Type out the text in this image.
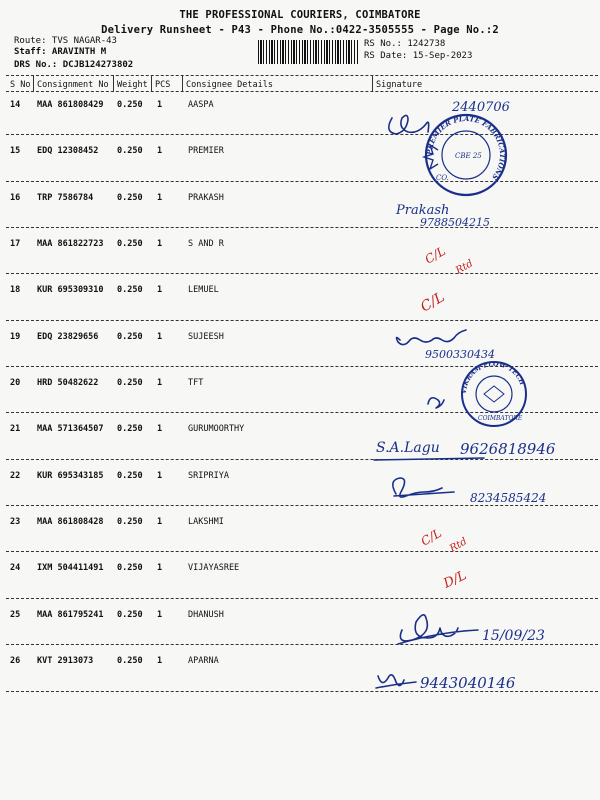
THE PROFESSIONAL COURIERS, COIMBATORE
Delivery Runsheet - P43 - Phone No.:0422-3505555 - Page No.:2
Route: TVS NAGAR-43
Staff: ARAVINTH M
DRS No.: DCJB124273802
RS No.: 1242738
RS Date: 15-Sep-2023
S No Consignment No Weight PCS Consignee Details	Signature
14 MAA 861808429 0.250 1	AASPA
15 EDQ 12308452 0.250 1	PREMIER
16 TRP 7586784	0.250 1	PRAKASH
17 MAA 861822723 0.250 1	S AND R
18 KUR 695309310 0.250 1	LEMUEL
19 EDQ 23829656 0.250 1	SUJEESH
20 HRD 50482622 0.250 1	TFT
21 MAA 571364507 0.250 1	GURUMOORTHY
22 KUR 695343185 0.250 1	SRIPRIYA
23 MAA 861808428 0.250 1	LAKSHMI
24 IXM 504411491 0.250 1	VIJAYASREE
25 MAA 861795241 0.250 1	DHANUSH
26 KVT 2913073	0.250 1	APARNA
2440706
PREMIER PLATE FABRICATIONS
CO.
CBE 25
Prakash
9788504215
C/L
Rtd
C/L
9500330434
VIKRAM FLOW TECH
COIMBATORE
S.A.Lagu 9626818946
8234585424
C/L Rtd
D/L
15/09/23
9443040146
